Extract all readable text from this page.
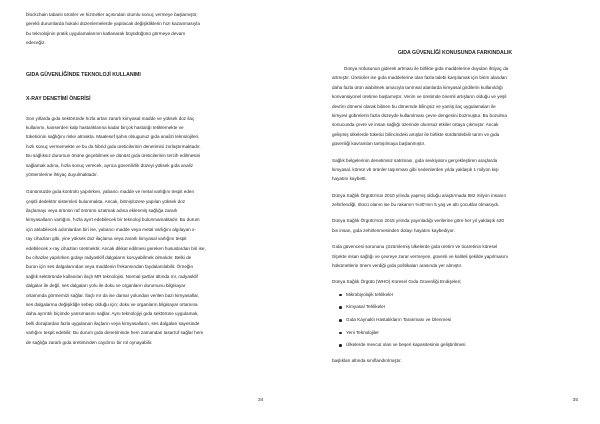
blockchain tabanlı ürünler ve hizmetler açısından olumlu sonuç vermeye başlamıştır,
gerekli durumlarda hukuki düzenlemelerde yapılacak değişikliklerin hızı kazanmasıyla
bu teknolojinin pratik uygulamalarının katlanarak büyüdüğünü görmeye devam
edeceğiz.
GIDA GÜVENLİĞİNDE TEKNOLOJİ KULLANIMI
X-RAY DENETİMİ ÖNERİSİ
Son yıllarda gıda sektöründe hızla artan zararlı kimyasal madde ve yüksek doz ilaç
kullanımı, kanserden kalp hastalıklarına kadar birçok hastalığı tetiklemekte ve
tüketicinin sağlığını riske atmakta. Maalesef şahıs olsugunuz gıda analizi teknolojileri,
hızlı sonuç vermemekte ve bu da hibrid gıda üreticilerinin denetimini zorlaştırmaktadır.
Bu sağlıksız durumun önüne geçebilmek ve dünüst gıda üreticilerinin tercih edilmesini
sağlamak adına, hızla sonuç verecek, ayrıca güvenilirlik düzeyi yüksek gıda analiz
yöntemlerine ihtiyaç duyulmaktadır.
Günümüzde gıda kontrolü yapılırken, yabancı madde ve metal varlığını tespit eden
çeşitli dedektör sistemleri bulunmakta. Ancak, bitmiş/üzere yapılan yüksek doz
ilaçlamayı veya ürünün raf ömrünü uzatmak adına eklenmiş sağlığa zararlı
kimyasalların varlığını, hızla ayırt edebilecek bir teknoloji bulunmamaktadır. Bu durum
için atılabilecek adımlardan biri ise, yabancı madde veya metal varlığını algılayan x-
ray cihazları gibi, yine yüksek doz ilaçlama veya zararlı kimyasal varlığını tespit
edebilecek x-ray cihazları üretmektir. Ancak dikkat edilmesi gereken hususlardan biri ise,
bu cihazlar yapılırken gıdayı radyasklif dalgaların koruyabilmek olmalıdır. Belki de
burun için ses dalgalarından veya maddenin frekansından faydalanılabilir. Örneğin
sağlık sektöründe kullanılan ilaçlı MR teknolojisi. Normal şartlar altında mr, radyasklif
dalgalar ile değil, ses dalgaları yolu ile doku ve organların durumunu bilgisayar
ortamında görmemizi sağlar. İlaçlı mr da ise damar yolundan verilen bazı kimyasallar,
ses dalgalarına değişikliğe sebep olduğu için; doku ve organların bilgisayar ortamına
daha ayrıntılı biçimde yansımasını sağlar. Aynı teknolojiyi gıda sektörüne uygulamak,
belli dozajlardan fazla uygulanan ilaçların veya kimyasalların, ses dalgaları sayesinde
varlığını tespit edebilir. Bu durum gıda denetiminde hem zamandan tasarruf sağlar hem
de sağlığa zararlı gıda üretiminden caydırıcı bir rol oynayabilir.
34
GIDA GÜVENLİĞİ KONUSUNDA FARKINDALIK
Dünya nüfusunun giderek artması ile birlikte gıda maddelerine duyulan ihtiyaç da
artmıştır. Üreticiler ise gıda maddelerine olan fazla talebi karşılamak için birim alandan
daha fazla ürün alabilmek amacıyla tarımsal alanlarda kimyasal girdilerin kullanıldığı
konvansiyonel üretime başlamıştır. Verim ve üretimde önemli artışların olduğu ve yeşil
devrim dönemi olarak bilinen bu dönemde bilinçsiz ve yanlış ilaç uygulamaları ile
kimyevi gübrelerin fazla düzeyde kullanılması çevre dengesini bozmuştur. Bu bozulma
sonucunda çevre ve insan sağlığı üzerinde olumsuz etkiler ortaya çıkmıştır. Ancak
gelişmiş ülkelerde tüketici bilincindeki artışlar ile birlikte sürdürülebilir tarım ve gıda
güvenliği kavramları tartışılmaya başlanmıştır.
Sağlık belgelerinin denetimsiz satılması, gıda sevkiyatını gerçekleştiren araçlarda
kimyasal, kömür vb ürünler taşınması gibi nedenlerden yılda yaklaşık 1 milyon kişi
hayatını kaybetti.
Dünya Sağlık Örgütü'nün 2010 yılında yapmış olduğu araştırmada 582 milyon insanın
zehirlendiği, ölücü olanın ise bu rakamın %40'ının 5 yaş ve altı çocuklar olmasıydı.
Dünya Sağlık Örgütü'nün 2015 yılında yayınladığı verilerine göre her yıl yaklaşık 420
bin insan, gıda zehirlenmesinden dolayı hayatını kaybediyor.
Gıda güvencesi sorununu çözümlemiş ülkelerde gıda üretim ve ticaretinin küresel
ölçekte insan sağlığı ve çevreye zarar vermeyen, güvenli ve kaliteli şekilde yapılmasını
hükümetlerin önem verdiği gıda politikaları arasında yer almıştır.
Dünya Sağlık Örgütü (WHO) Küresel Gıda Güvenliği Endişeleri;
Mikrobiyolojik tehlikeler
Kimyasal Tehlikeler
Gıda Kaynaklı Hastalıkların Taranması ve İzlenmesi
Yeni Teknolojiler
Ülkelerde mevcut olan ve beşeri kapasitesinin geliştirilmesi
başlıkları altında sınıflandırılmıştır.
35
